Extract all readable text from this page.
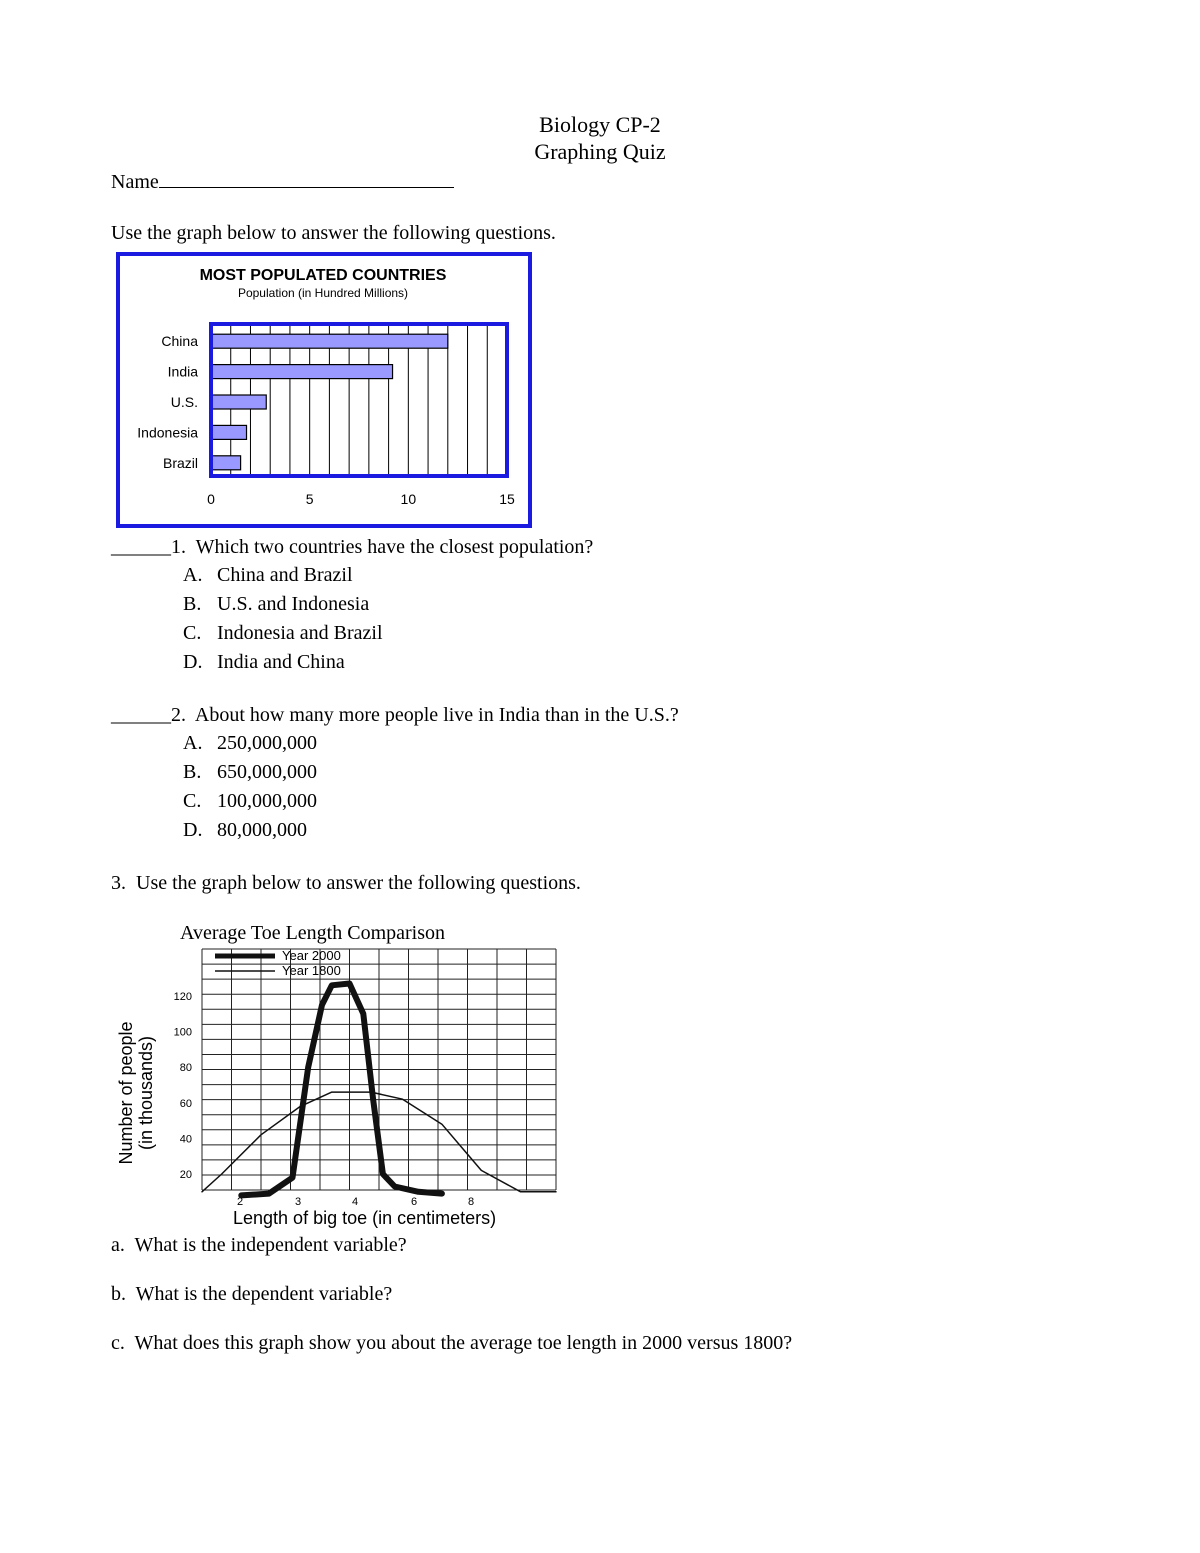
Biology CP-2
Graphing Quiz
Name
Use the graph below to answer the following questions.
MOST POPULATED COUNTRIES
Population (in Hundred Millions)
China
India
U.S.
Indonesia
Brazil
0	5	10	15
______1. Which two countries have the closest population?
A. China and Brazil
B. U.S. and Indonesia
C. Indonesia and Brazil
D. India and China
______2. About how many more people live in India than in the U.S.?
A. 250,000,000
B. 650,000,000
C. 100,000,000
D. 80,000,000
3. Use the graph below to answer the following questions.
Average Toe Length Comparison
20
40
60
80
100
120
2	3	4	6	8
Year 2000
Year 1800
Length of big toe (in centimeters)
Number of people (in thousands)
a. What is the independent variable?
b. What is the dependent variable?
c. What does this graph show you about the average toe length in 2000 versus 1800?
